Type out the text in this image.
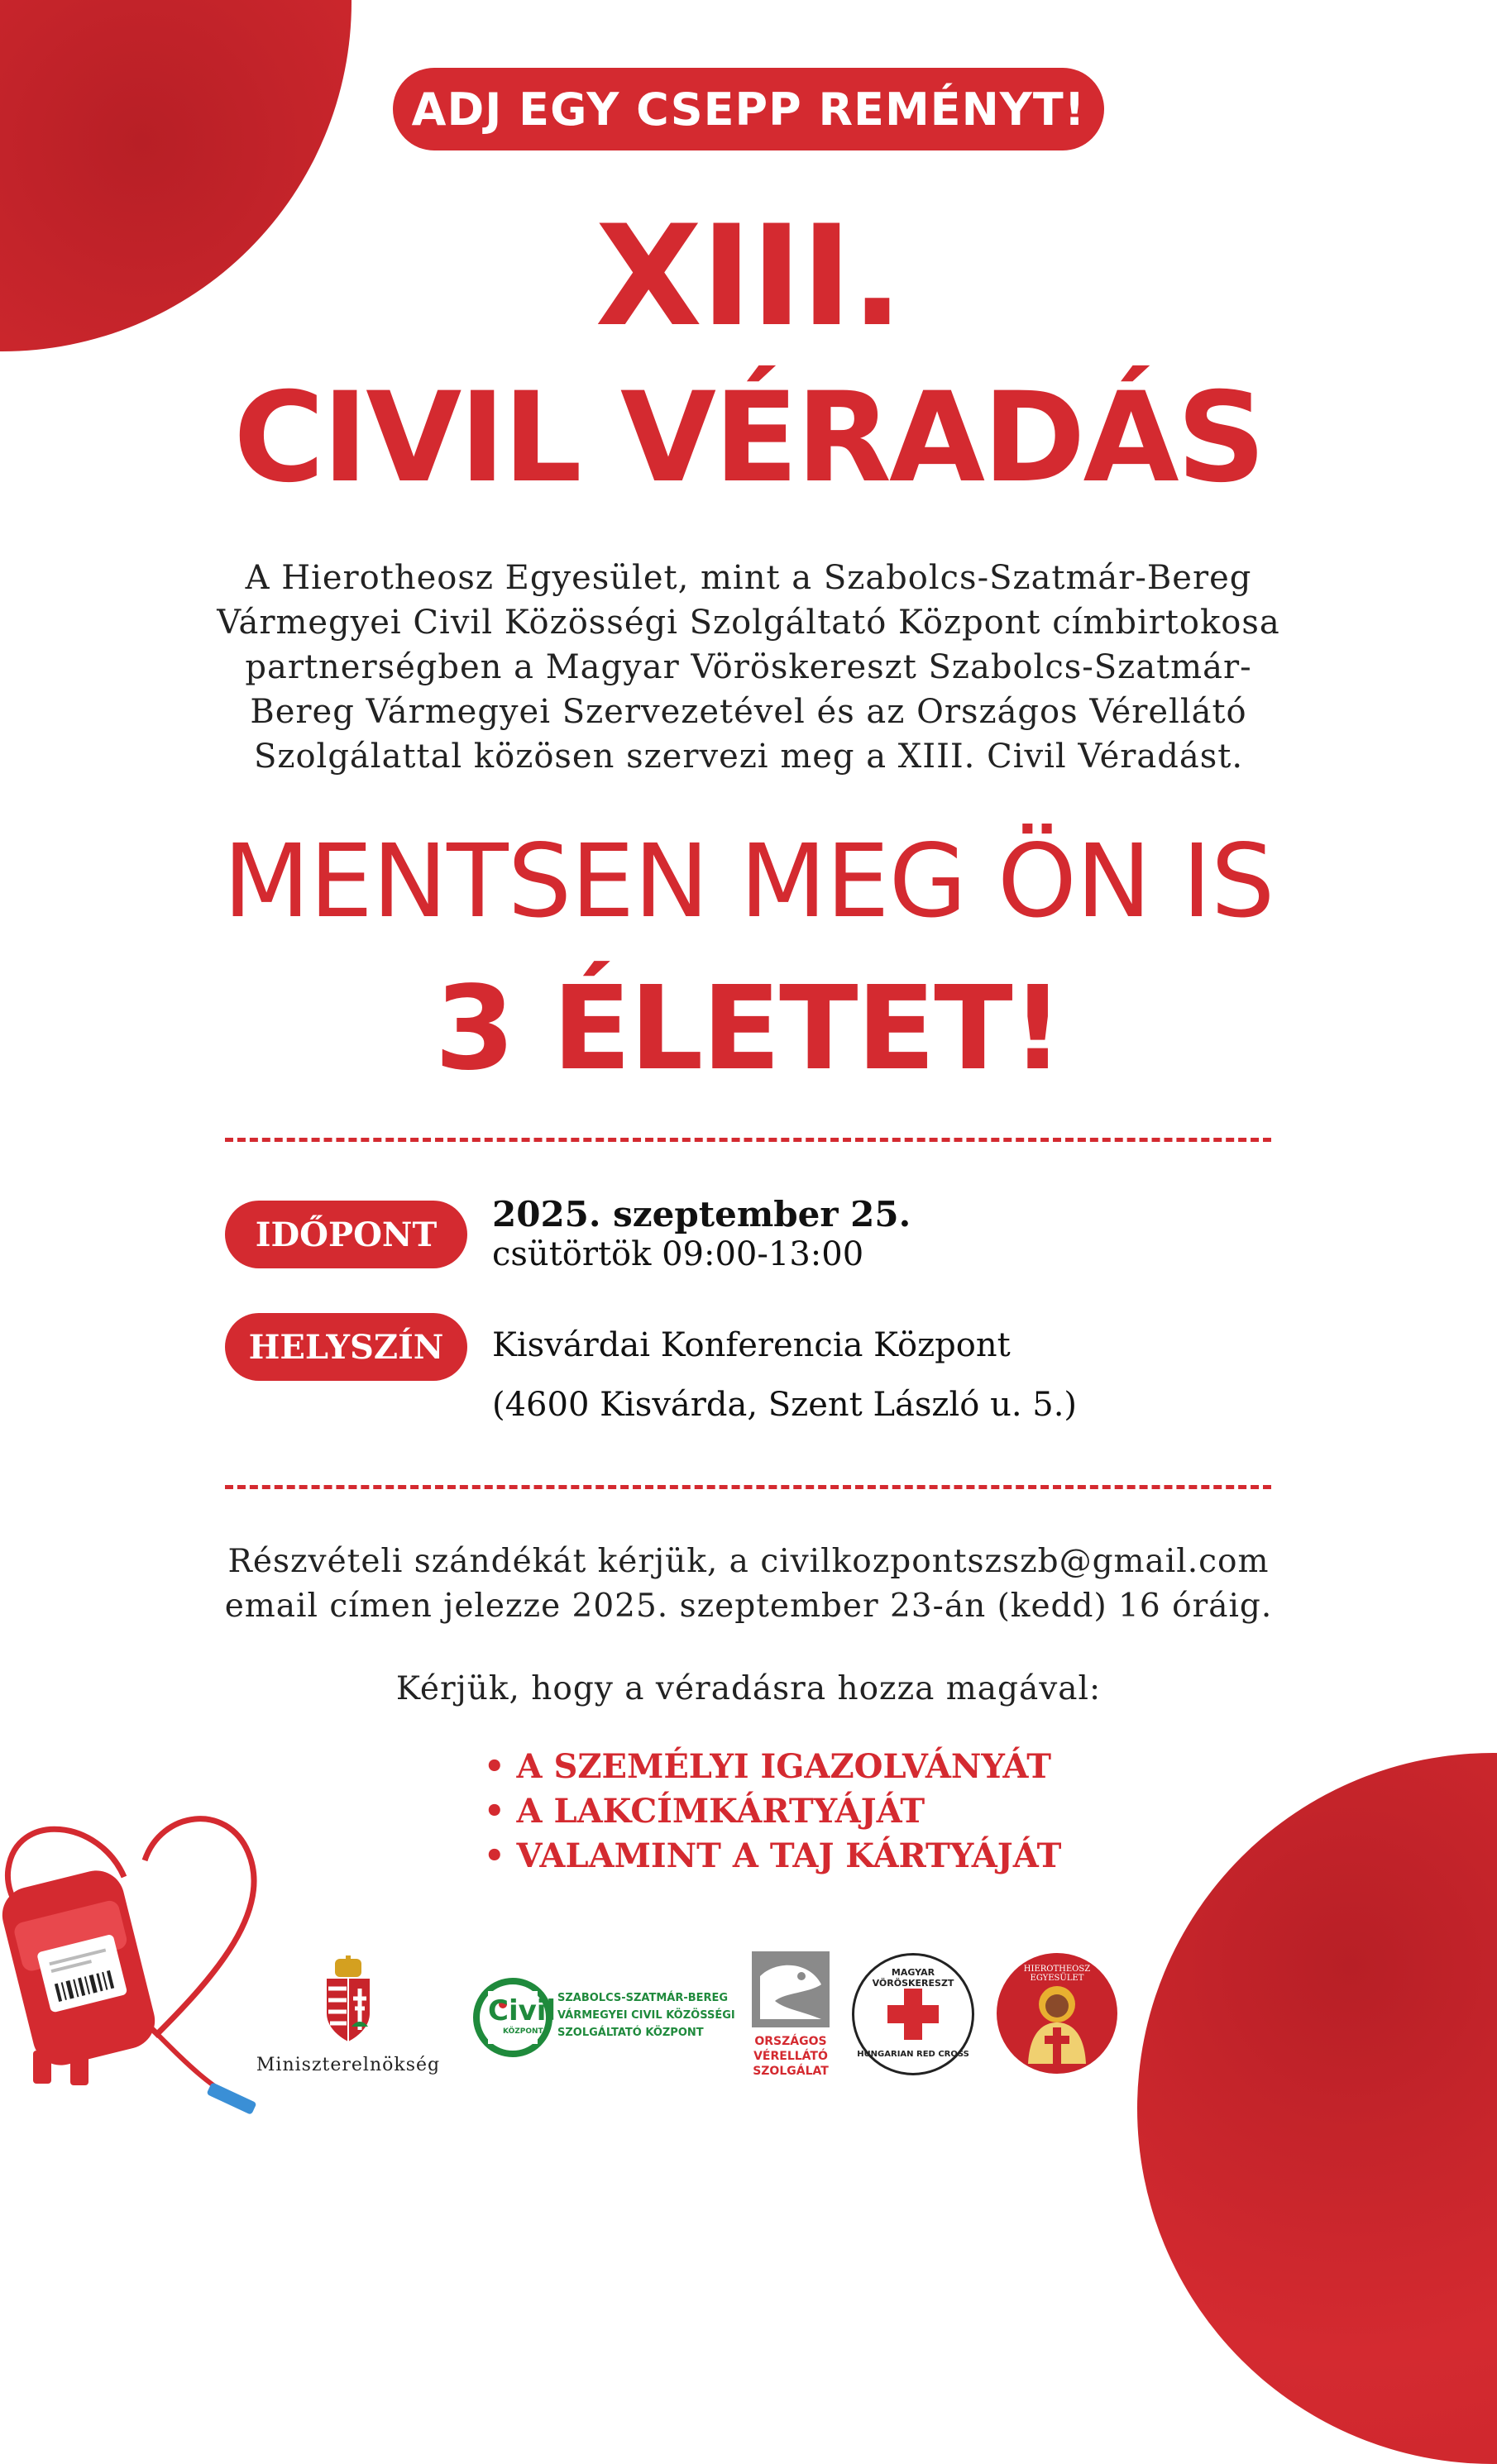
ADJ EGY CSEPP REMÉNYT!
XIII.
CIVIL VÉRADÁS
A Hierotheosz Egyesület, mint a Szabolcs-Szatmár-Bereg
Vármegyei Civil Közösségi Szolgáltató Központ címbirtokosa
partnerségben a Magyar Vöröskereszt Szabolcs-Szatmár-
Bereg Vármegyei Szervezetével és az Országos Vérellátó
Szolgálattal közösen szervezi meg a XIII. Civil Véradást.
MENTSEN MEG ÖN IS
3 ÉLETET!
IDŐPONT	2025. szeptember 25.
csütörtök 09:00-13:00
HELYSZÍN	Kisvárdai Konferencia Központ
(4600 Kisvárda, Szent László u. 5.)
Részvételi szándékát kérjük, a civilkozpontszszb@gmail.com
email címen jelezze 2025. szeptember 23-án (kedd) 16 óráig.
Kérjük, hogy a véradásra hozza magával:
• A SZEMÉLYI IGAZOLVÁNYÁT
• A LAKCÍMKÁRTYÁJÁT
• VALAMINT A TAJ KÁRTYÁJÁT
Miniszterelnökség
Civil
KÖZPONT
SZABOLCS-SZATMÁR-BEREG
VÁRMEGYEI CIVIL KÖZÖSSÉGI
SZOLGÁLTATÓ KÖZPONT
ORSZÁGOS
VÉRELLÁTÓ
SZOLGÁLAT
MAGYAR VÖRÖSKERESZT
HUNGARIAN RED CROSS
HIEROTHEOSZ EGYESÜLET
